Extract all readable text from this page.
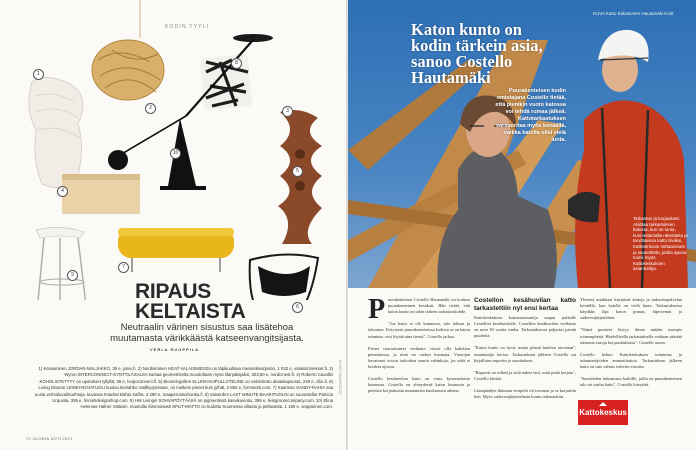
KODIN TYYLI
1
2	3
4
5
6
7
8
9
10
RIPAUS
KELTAISTA
Neutraalin värinen sisustus saa lisätehoa muutamasta värikkäästä katseenvangitsijasta.
VERLA RUOPPILA
1) Keraaminen JORDAN-MALJAKKO, 39 e, jotex.fi. 2) Nordisminen HEAT-VALAISIMESSA on läpikuultava messinkivarjostin, 1 032 e, valaisimmekset.fi. 3) Wyrun INTERCONNECT-SYNTTILÄSALSA kuntaa geometriselta muodoltaan myös tilanjakajaksi, 303,50 e, nordicnest.fi. 4) Roberto Cavallin KOHOLISTETTYY on upotukset tyllyltä, 39 e, loopoconnect.fi. 5) Bloomingvillen ELLEN-HUIPULLOTELINE on valmistettu akaasiapuusta, 249 e, zilio.fi. 6) Living Divanin LEWEI-NOJATUOLI kuuluu kiehahko mallikyrjoistaan, on melkein pienet kuin jylhät, 2 862 e, formwork.com. 7) Kaarinan SANDY-RAHIA saa uusia verhoiluvaihtoehtoja, kuvassa Kvadrat Bahia Saffra, 3 290 e, maaperustushonka.fi. 8) Vaiverden LAST MINUTE-BAARITUOLIN on suunnitellut Patricia Urquiola, 395 e, finnishdesignshop.com. 9) HM Livingin SOHVAPÖYTÄÄSÄ on pigmentissä kasvikuvioitu, 399 e, livingroomcompany.com. 10) Elina Helenius-Hafner Valaisin, muotoiltu kimmoisasti SPLIT-MATTO on kudottu Suomessa villasta ja pellavasta, 1 190 e, sepparinen.com.
72 GLORIA KOTI 2021
KUVAT VALMISTAJAT
KUVA Katto Kalustonen Hautamäki Kotit
Katon kunto on kodin tärkein asia, sanoo Costello Hautamäki
Puurakenteisen kodin omistajana Costello tietää, että pienikin vuoto katossa voi tehdä rumaa jälkeä. Kattotarkastuksen varsuoritaa myös keväällä, vaikka katolla olisi vielä lunta.
Tarkastus ja korjaukset. Aloittaa tarkastuksen katosta, kun on lunta, kunnostamalla rakenteita ja tarvittaessa katto tiiviiksi. Kattoterassin mittaaminen ja suunnittelu, jonka apuna toimii myös Kattokeskuksen asiantuntija.
P uurakenteisen Costello Hautamäki on kotinsa puurakenteinen kesäkoti. Hän tietää, että katon kunto on talon tärkein tarkastuskohde.

"Jos katto ei ole kunnossa, talo lahoaa ja tuhoutuu. Erityisesti puurakenteisessa kodissa se on katon toiminta, vesi löytää aina tiensä", Costello jatkaa.

Pienet vaurioituneet vesikatot voivat olla kaikkien pientaloissa, ja niitä on vaikea huomata. Vuotojen havainnot voivat tarkoittaa suuria vahinkoja, jos niitä ei hoideta ajoissa.

Costello kesähuvilan katto on vasta kyseenalaista kunnossa. Costello on yhteydessä katon kunnosta ja pienistä korjauksista muutamien kuukausien aikana.

Costellon kesähuvilan katto tarkastettiin nyt ensi kertaa

Kattokeskuksen kattoasiantuntija saapui paikalle Costellon kesähuvilalle. Costellon kesähuvilan vesikatto on noin 30 vuotta vanha. Tarkastuksessa paljastui pieniä puutteita.

"Katon kunto on hyvä, mutta pientä huoltoa tarvitaan", asiantuntija kertoo. Tarkastuksen jälkeen Costello sai kirjallisen raportin ja suosituksen.

"Raportti on selkeä ja siitä näkee heti, mitä pitää korjata", Costello kiittää.

Länsipäädyn ikkunan vesipelti oli irronnut ja se korjattiin heti. Myös sadevesijärjestelmän kunto tarkastettiin.

Yleensä asiakkaat käyttävät kattoja ja tarkastuspalvelua keväällä, kun katolla on vielä lunta. Tarkastuksessa käydään läpi katon pinnat, läpiviennit ja sadevesijärjestelmä.

"Nämä puutteet löytyy ilman mitään isompia toimenpiteitä. Huolellisella tarkastuksella voidaan säästää tuhansia euroja korjauskuluissa", Costello sanoo.

Costello kehuu Kattokeskuksen toimintaa ja asiantuntijoiden ammattitaitoa. Tarkastuksen jälkeen katto on taas valmis tuleviin vuosiin.

"Suosittelen tarkastusta kaikille, joilla on puurakenteinen talo tai vanha katto", Costello kiteyttää.

Kattokeskus
